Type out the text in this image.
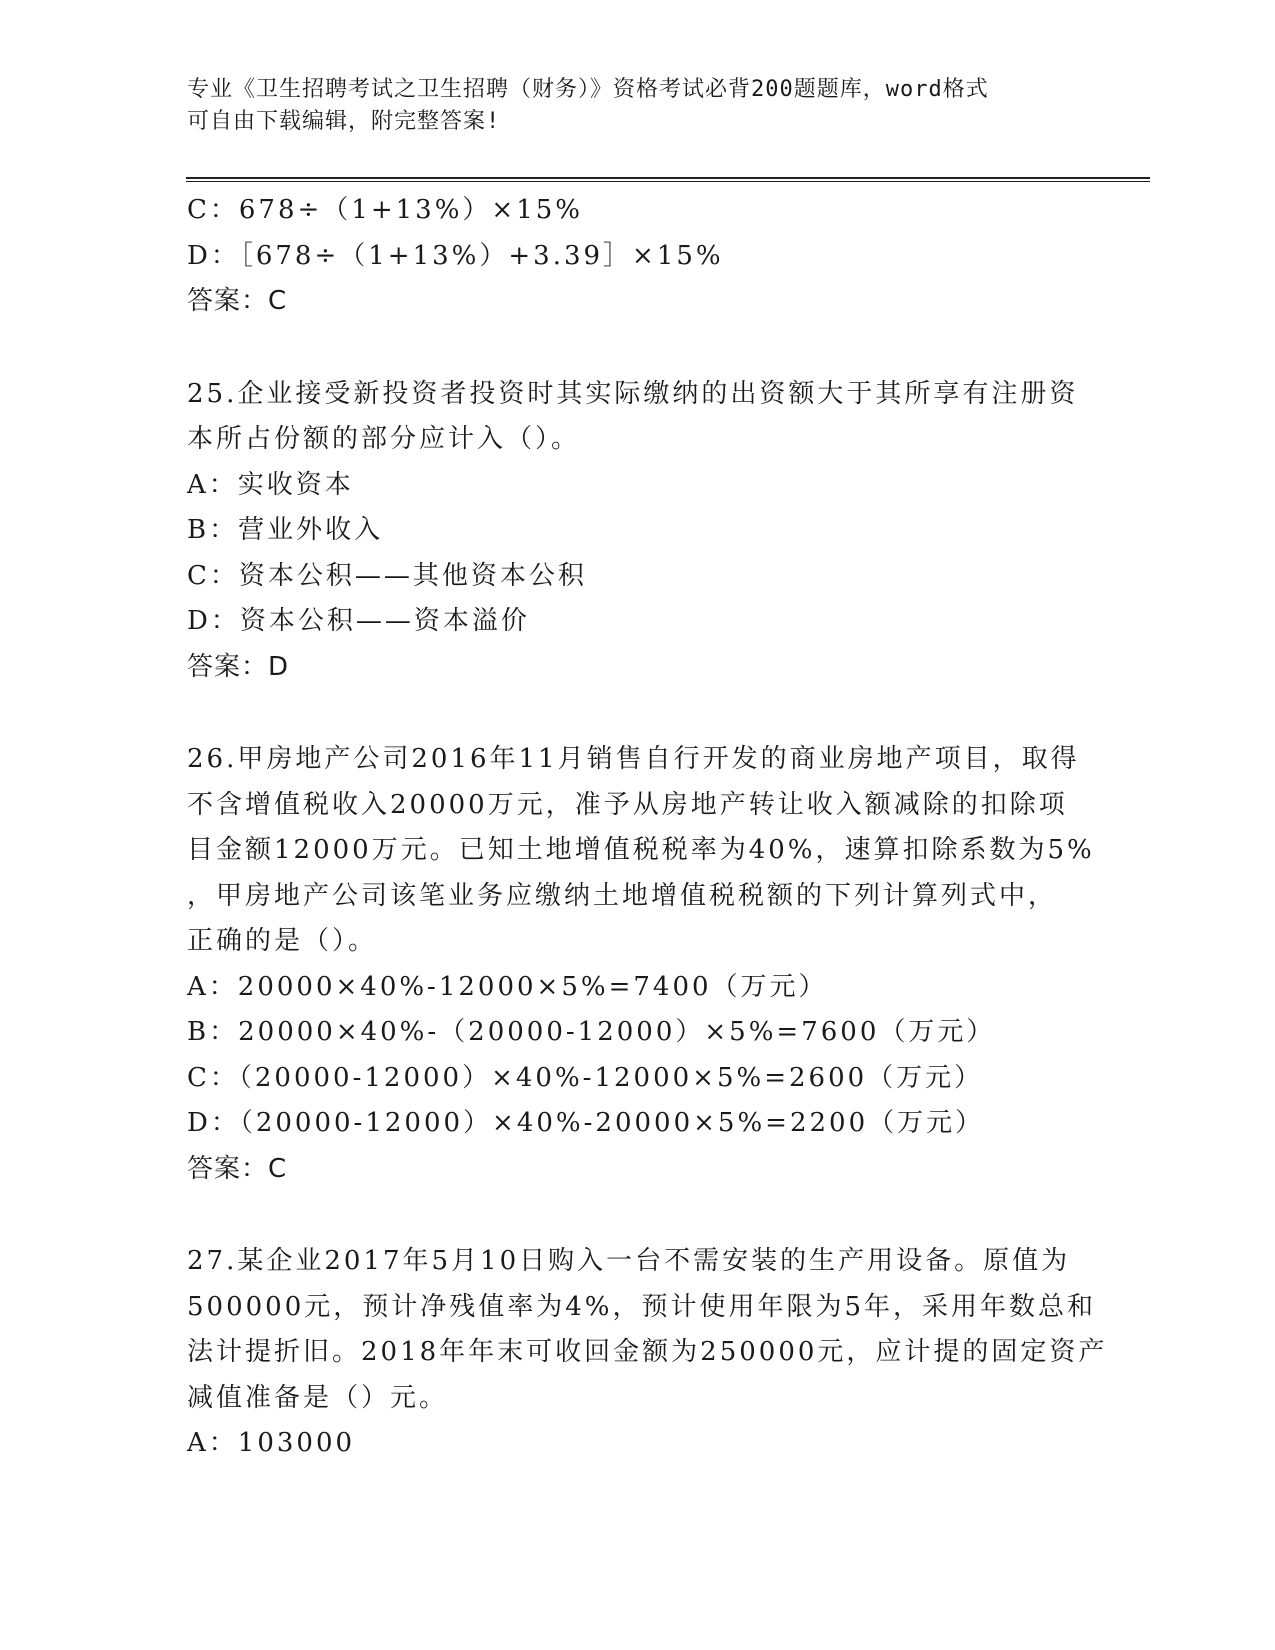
专业《卫生招聘考试之卫生招聘（财务）》资格考试必背200题题库，word格式
可自由下载编辑，附完整答案!
C：678÷（1+13%）×15%
D：［678÷（1+13%）+3.39］×15%
答案：C
25.企业接受新投资者投资时其实际缴纳的出资额大于其所享有注册资
本所占份额的部分应计入（）。
A：实收资本
B：营业外收入
C：资本公积——其他资本公积
D：资本公积——资本溢价
答案：D
26.甲房地产公司2016年11月销售自行开发的商业房地产项目，取得
不含增值税收入20000万元，准予从房地产转让收入额减除的扣除项
目金额12000万元。已知土地增值税税率为40%，速算扣除系数为5%
，甲房地产公司该笔业务应缴纳土地增值税税额的下列计算列式中，
正确的是（）。
A：20000×40%-12000×5%=7400（万元）
B：20000×40%-（20000-12000）×5%=7600（万元）
C：（20000-12000）×40%-12000×5%=2600（万元）
D：（20000-12000）×40%-20000×5%=2200（万元）
答案：C
27.某企业2017年5月10日购入一台不需安装的生产用设备。原值为
500000元，预计净残值率为4%，预计使用年限为5年，采用年数总和
法计提折旧。2018年年末可收回金额为250000元，应计提的固定资产
减值准备是（）元。
A：103000
